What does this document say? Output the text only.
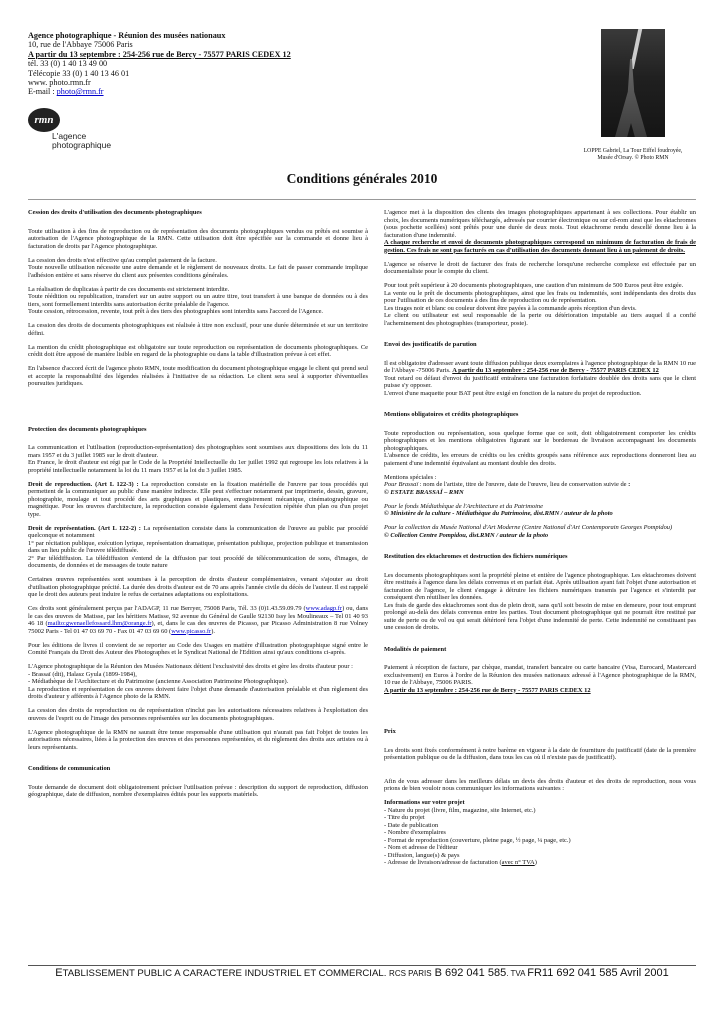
Agence photographique - Réunion des musées nationaux
10, rue de l'Abbaye 75006 Paris
A partir du 13 septembre : 254-256 rue de Bercy - 75577 PARIS CEDEX 12
tél. 33 (0) 1 40 13 49 00
Télécopie 33 (0) 1 40 13 46 01
www. photo.rmn.fr
E-mail : photo@rmn.fr
rmn
L'agence
photographique
LOPPE Gabriel, La Tour Eiffel foudroyée,
Musée d'Orsay. © Photo RMN
Conditions générales 2010

Cession des droits d'utilisation des documents photographiques

Toute utilisation à des fins de reproduction ou de représentation des documents photographiques vendus ou prêtés est soumise à autorisation de l'Agence photographique de la RMN. Cette utilisation doit être spécifiée sur la commande et donne lieu à facturation de droits par l'Agence photographique.

La cession des droits n'est effective qu'au complet paiement de la facture.
Toute nouvelle utilisation nécessite une autre demande et le règlement de nouveaux droits. Le fait de passer commande implique l'adhésion entière et sans réserve du client aux présentes conditions générales.

La réalisation de duplicatas à partir de ces documents est strictement interdite.
Toute réédition ou republication, transfert sur un autre support ou un autre titre, tout transfert à une banque de données ou à des tiers, sont formellement interdits sans autorisation écrite préalable de l'agence.
Toute cession, rétrocession, revente, tout prêt à des tiers des photographies sont interdits sans l'accord de l'Agence.

La cession des droits de documents photographiques est réalisée à titre non exclusif, pour une durée déterminée et sur un territoire défini.

La mention du crédit photographique est obligatoire sur toute reproduction ou représentation de documents photographiques. Ce crédit doit être apposé de manière lisible en regard de la photographie ou dans la table d'illustration prévue à cet effet.

En l'absence d'accord écrit de l'agence photo RMN, toute modification du document photographique engage le client qui prend seul et accepte la responsabilité des légendes réalisées à l'initiative de sa rédaction. Le client sera seul à supporter d'éventuelles poursuites juridiques.

Protection des documents photographiques

La communication et l'utilisation (reproduction-représentation) des photographies sont soumises aux dispositions des lois du 11 mars 1957 et du 3 juillet 1985 sur le droit d'auteur.
En France, le droit d'auteur est régi par le Code de la Propriété Intellectuelle du 1er juillet 1992 qui regroupe les lois relatives à la propriété intellectuelle notamment la loi du 11 mars 1957 et la loi du 3 juillet 1985.

Droit de reproduction. (Art L 122-3) : La reproduction consiste en la fixation matérielle de l'œuvre par tous procédés qui permettent de la communiquer au public d'une manière indirecte. Elle peut s'effectuer notamment par imprimerie, dessin, gravure, photographie, moulage et tout procédé des arts graphiques et plastiques, enregistrement mécanique, cinématographique ou magnétique. Pour les œuvres d'architecture, la reproduction consiste également dans l'exécution répétée d'un plan ou d'un projet type.

Droit de représentation. (Art L 122-2) : La représentation consiste dans la communication de l'œuvre au public par procédé quelconque et notamment
1° par récitation publique, exécution lyrique, représentation dramatique, présentation publique, projection publique et transmission dans un lieu public de l'œuvre télédiffusée.
2° Par télédiffusion. La télédiffusion s'entend de la diffusion par tout procédé de télécommunication de sons, d'images, de documents, de données et de messages de toute nature

Certaines œuvres représentées sont soumises à la perception de droits d'auteur complémentaires, venant s'ajouter au droit d'utilisation photographique précité. La durée des droits d'auteur est de 70 ans après l'année civile du décès de l'auteur. Il est rappelé que le droit des auteurs peut induire le refus de certaines adaptations ou exploitations.

Ces droits sont généralement perçus par l'ADAGP, 11 rue Berryer, 75008 Paris, Tél. 33 (0)1.43.59.09.79 (www.adagp.fr) ou, dans le cas des œuvres de Matisse, par les héritiers Matisse, 92 avenue du Général de Gaulle 92130 Issy les Moulineaux – Tel 01 40 93 46 18 (mailto:gwenaellefossard.lhm@orange.fr), et, dans le cas des œuvres de Picasso, par Picasso Administration 8 rue Volney 75002 Paris - Tel 01 47 03 69 70 - Fax 01 47 03 69 60 (www.picasso.fr).

Pour les éditions de livres il convient de se reporter au Code des Usages en matière d'illustration photographique signé entre le Comité Français du Droit des Auteur des Photographes et le Syndicat National de l'Edition ainsi qu'aux conditions ci-après.

L'Agence photographique de la Réunion des Musées Nationaux détient l'exclusivité des droits et gère les droits d'auteur pour :
- Brassaï (dit), Halasz Gyula (1899-1984),
- Médiathèque de l'Architecture et du Patrimoine (ancienne Association Patrimoine Photographique).
La reproduction et représentation de ces œuvres doivent faire l'objet d'une demande d'autorisation préalable et d'un règlement des droits d'auteur y afférents à l'Agence photo de la RMN.

La cession des droits de reproduction ou de représentation n'inclut pas les autorisations nécessaires relatives à l'exploitation des œuvres de l'esprit ou de l'image des personnes représentées sur les documents photographiques.

L'Agence photographique de la RMN ne saurait être tenue responsable d'une utilisation qui n'aurait pas fait l'objet de toutes les autorisations nécessaires, liées à la protection des œuvres et des personnes représentées, et du règlement des droits aux artistes ou à leurs représentants.

Conditions de communication

Toute demande de document doit obligatoirement préciser l'utilisation prévue : description du support de reproduction, diffusion géographique, date de diffusion, nombre d'exemplaires édités pour les supports matériels.

L'agence met à la disposition des clients des images photographiques appartenant à ses collections. Pour établir un choix, les documents numériques téléchargés, adressés par courrier électronique ou sur cd-rom ainsi que les ektachromes (sous pochette scellées) sont prêtés pour une durée de deux mois. Tout ektachrome rendu descellé donne lieu à la facturation d'une indemnité.
A chaque recherche et envoi de documents photographiques correspond un minimum de facturation de frais de gestion. Ces frais ne sont pas facturés en cas d'utilisation des documents donnant lieu à un paiement de droits.

L'agence se réserve le droit de facturer des frais de recherche lorsqu'une recherche complexe est effectuée par un documentaliste pour le compte du client.

Pour tout prêt supérieur à 20 documents photographiques, une caution d'un minimum de 500 Euros peut être exigée.
La vente ou le prêt de documents photographiques, ainsi que les frais ou indemnités, sont indépendants des droits dus pour l'utilisation de ces documents à des fins de reproduction ou de représentation.
Les tirages noir et blanc ou couleur doivent être payées à la commande après réception d'un devis.
Le client ou utilisateur est seul responsable de la perte ou détérioration imputable au tiers auquel il a confié l'acheminement des photographies (transporteur, poste).

Envoi des justificatifs de parution

Il est obligatoire d'adresser avant toute diffusion publique deux exemplaires à l'agence photographique de la RMN 10 rue de l'Abbaye -75006 Paris. A partir du 13 septembre : 254-256 rue de Bercy - 75577 PARIS CEDEX 12
Tout retard ou défaut d'envoi du justificatif entraînera une facturation forfaitaire doublée des droits sans que le client puisse s'y opposer.
L'envoi d'une maquette pour BAT peut être exigé en fonction de la nature du projet de reproduction.

Mentions obligatoires et crédits photographiques

Toute reproduction ou représentation, sous quelque forme que ce soit, doit obligatoirement comporter les crédits photographiques et les mentions obligatoires figurant sur le bordereau de livraison accompagnant les documents photographiques.
L'absence de crédits, les erreurs de crédits ou les crédits groupés sans référence aux reproductions donneront lieu au paiement d'une indemnité équivalant au montant double des droits.

Mentions spéciales :
Pour Brassaï : nom de l'artiste, titre de l'œuvre, date de l'œuvre, lieu de conservation suivie de :
© ESTATE BRASSAÏ – RMN

Pour le fonds Médiathèque de l'Architecture et du Patrimoine
© Ministère de la culture - Médiathèque du Patrimoine, dist.RMN / auteur de la photo

Pour la collection du Musée National d'Art Moderne (Centre National d'Art Contemporain Georges Pompidou)
© Collection Centre Pompidou, dist.RMN / auteur de la photo

Restitution des ektachromes et destruction des fichiers numériques

Les documents photographiques sont la propriété pleine et entière de l'agence photographique. Les ektachromes doivent être restitués à l'agence dans les délais convenus et en parfait état. Après utilisation ayant fait l'objet d'une autorisation et facturation de l'agence, le client s'engage à détruire les fichiers numériques transmis par l'agence et s'interdit par conséquent d'en réutiliser les données.
Les frais de garde des ektachromes sont dus de plein droit, sans qu'il soit besoin de mise en demeure, pour tout emprunt prolongé au-delà des délais convenus entre les parties. Tout document photographique qui ne pourrait être restitué par suite de perte ou de vol ou qui serait détérioré fera l'objet d'une indemnité de perte. Cette indemnité ne constituant pas une cession de droits.

Modalités de paiement

Paiement à réception de facture, par chèque, mandat, transfert bancaire ou carte bancaire (Visa, Eurocard, Mastercard exclusivement) en Euros à l'ordre de la Réunion des musées nationaux adressé à l'Agence photographique de la RMN, 10 rue de l'Abbaye, 75006 PARIS.
A partir du 13 septembre : 254-256 rue de Bercy - 75577 PARIS CEDEX 12

Prix

Les droits sont fixés conformément à notre barème en vigueur à la date de fourniture du justificatif (date de la première présentation publique ou de la diffusion, dans tous les cas où il n'existe pas de justificatif).

Afin de vous adresser dans les meilleurs délais un devis des droits d'auteur et des droits de reproduction, nous vous prions de bien vouloir nous communiquer les informations suivantes :

Informations sur votre projet

- Nature du projet (livre, film, magazine, site Internet, etc.)
- Titre du projet
- Date de publication
- Nombre d'exemplaires
- Format de reproduction (couverture, pleine page, ½ page, ¼ page, etc.)
- Nom et adresse de l'éditeur
- Diffusion, langue(s) & pays
- Adresse de livraison/adresse de facturation (avec n° TVA)
ETABLISSEMENT PUBLIC A CARACTERE INDUSTRIEL ET COMMERCIAL. RCS PARIS B 692 041 585. TVA FR11 692 041 585 Avril 2001
